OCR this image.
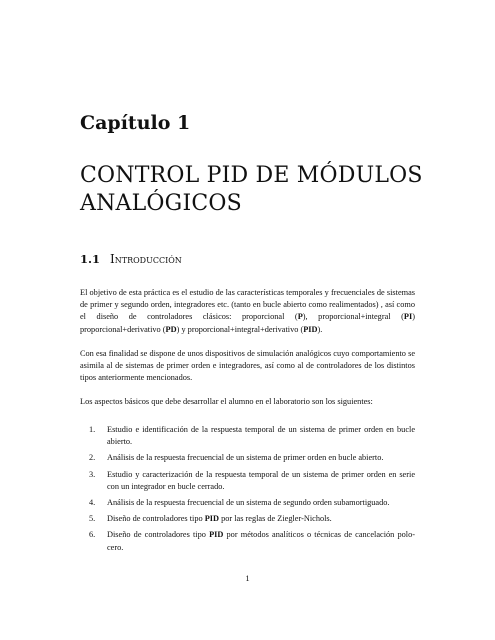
Capítulo 1
CONTROL PID DE MÓDULOS
ANALÓGICOS
1.1 Introducción

El objetivo de esta práctica es el estudio de las características temporales y frecuenciales de sistemas de primer y segundo orden, integradores etc. (tanto en bucle abierto como realimentados) , así como el diseño de controladores clásicos: proporcional (P), proporcional+integral (PI) proporcional+derivativo (PD) y proporcional+integral+derivativo (PID).

Con esa finalidad se dispone de unos dispositivos de simulación analógicos cuyo comportamiento se asimila al de sistemas de primer orden e integradores, así como al de controladores de los distintos tipos anteriormente mencionados.

Los aspectos básicos que debe desarrollar el alumno en el laboratorio son los siguientes:

1. Estudio e identificación de la respuesta temporal de un sistema de primer orden en bucle abierto.
2. Análisis de la respuesta frecuencial de un sistema de primer orden en bucle abierto.
3. Estudio y caracterización de la respuesta temporal de un sistema de primer orden en serie con un integrador en bucle cerrado.
4. Análisis de la respuesta frecuencial de un sistema de segundo orden subamortiguado.
5. Diseño de controladores tipo PID por las reglas de Ziegler-Nichols.
6. Diseño de controladores tipo PID por métodos analíticos o técnicas de cancelación polo-cero.
1
